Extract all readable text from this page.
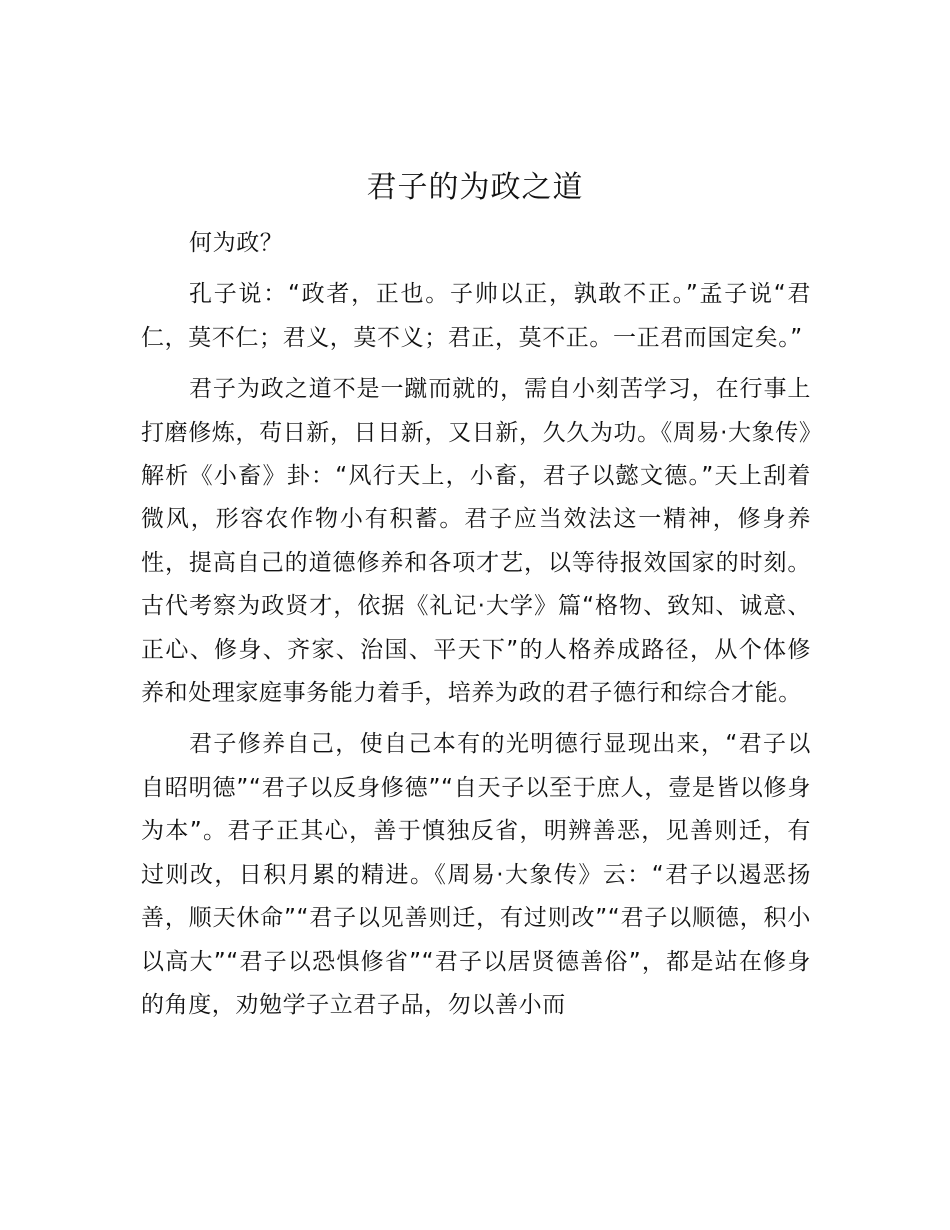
君子的为政之道

何为政？

孔子说：“政者，正也。子帅以正，孰敢不正。”孟子说“君仁，莫不仁；君义，莫不义；君正，莫不正。一正君而国定矣。”

君子为政之道不是一蹴而就的，需自小刻苦学习，在行事上打磨修炼，苟日新，日日新，又日新，久久为功。《周易·大象传》解析《小畜》卦：“风行天上，小畜，君子以懿文德。”天上刮着微风，形容农作物小有积蓄。君子应当效法这一精神，修身养性，提高自己的道德修养和各项才艺，以等待报效国家的时刻。古代考察为政贤才，依据《礼记·大学》篇“格物、致知、诚意、正心、修身、齐家、治国、平天下”的人格养成路径，从个体修养和处理家庭事务能力着手，培养为政的君子德行和综合才能。

君子修养自己，使自己本有的光明德行显现出来，“君子以自昭明德”“君子以反身修德”“自天子以至于庶人，壹是皆以修身为本”。君子正其心，善于慎独反省，明辨善恶，见善则迁，有过则改，日积月累的精进。《周易·大象传》云：“君子以遏恶扬善，顺天休命”“君子以见善则迁，有过则改”“君子以顺德，积小以高大”“君子以恐惧修省”“君子以居贤德善俗”，都是站在修身的角度，劝勉学子立君子品，勿以善小而
